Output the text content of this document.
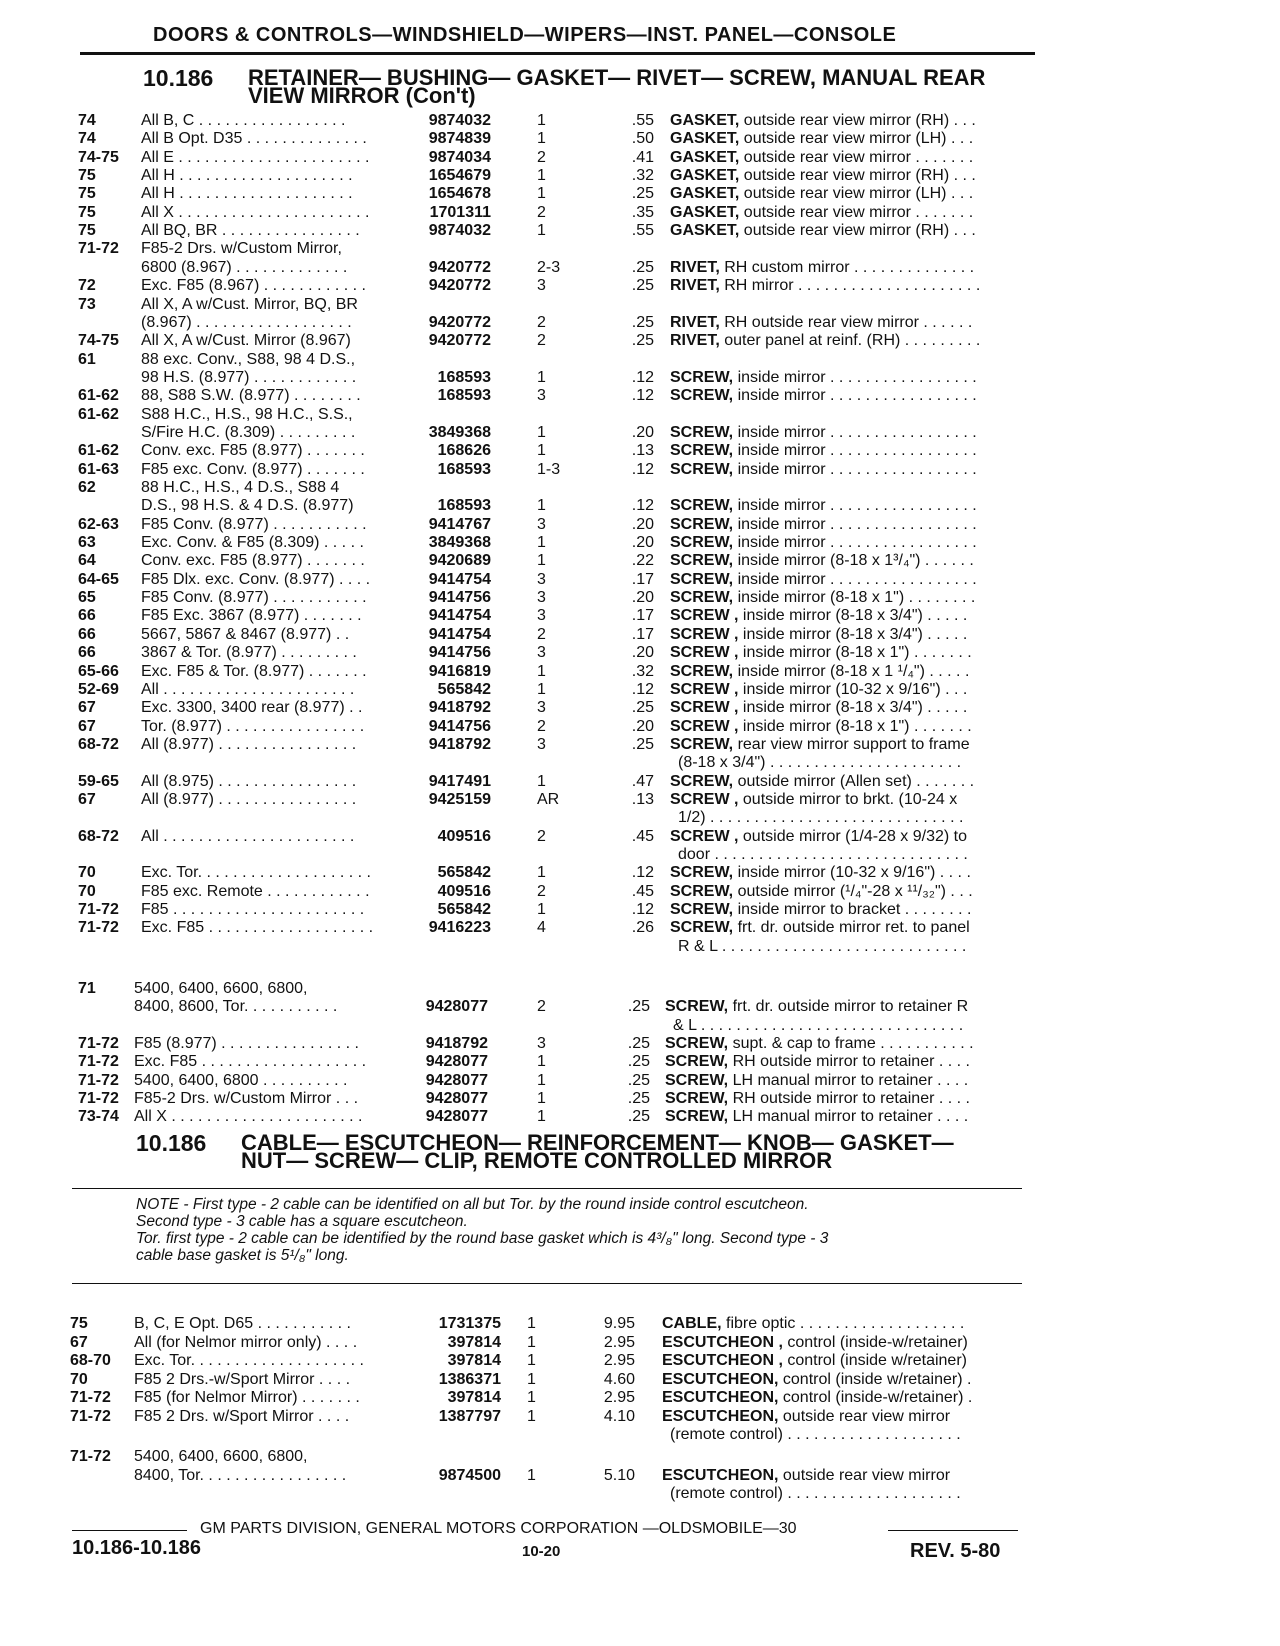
DOORS & CONTROLS—WINDSHIELD—WIPERS—INST. PANEL—CONSOLE
10.186 RETAINER— BUSHING— GASKET— RIVET— SCREW, MANUAL REAR
VIEW MIRROR (Con't)
74	All B, C . . . . . . . . . . . . . . . . .	9874032	1	.55 GASKET, outside rear view mirror (RH) . . .
74	All B Opt. D35 . . . . . . . . . . . . . .	9874839	1	.50 GASKET, outside rear view mirror (LH) . . .
74-75	All E . . . . . . . . . . . . . . . . . . . . . .	9874034	2	.41 GASKET, outside rear view mirror . . . . . . .
75	All H . . . . . . . . . . . . . . . . . . . .	1654679	1	.32 GASKET, outside rear view mirror (RH) . . .
75	All H . . . . . . . . . . . . . . . . . . . .	1654678	1	.25 GASKET, outside rear view mirror (LH) . . .
75	All X . . . . . . . . . . . . . . . . . . . . . .	1701311	2	.35 GASKET, outside rear view mirror . . . . . . .
75	All BQ, BR . . . . . . . . . . . . . . . .	9874032	1	.55 GASKET, outside rear view mirror (RH) . . .
71-72	F85-2 Drs. w/Custom Mirror,
6800 (8.967) . . . . . . . . . . . . .	9420772	2-3	.25 RIVET, RH custom mirror . . . . . . . . . . . . . .
72	Exc. F85 (8.967) . . . . . . . . . . . .	9420772	3	.25 RIVET, RH mirror . . . . . . . . . . . . . . . . . . . . .
73	All X, A w/Cust. Mirror, BQ, BR
(8.967) . . . . . . . . . . . . . . . . . .	9420772	2	.25 RIVET, RH outside rear view mirror . . . . . .
74-75	All X, A w/Cust. Mirror (8.967)	9420772	2	.25 RIVET, outer panel at reinf. (RH) . . . . . . . . .
61	88 exc. Conv., S88, 98 4 D.S.,
98 H.S. (8.977) . . . . . . . . . . . .	168593	1	.12 SCREW, inside mirror . . . . . . . . . . . . . . . . .
61-62	88, S88 S.W. (8.977) . . . . . . . .	168593	3	.12 SCREW, inside mirror . . . . . . . . . . . . . . . . .
61-62	S88 H.C., H.S., 98 H.C., S.S.,
S/Fire H.C. (8.309) . . . . . . . . .	3849368	1	.20 SCREW, inside mirror . . . . . . . . . . . . . . . . .
61-62	Conv. exc. F85 (8.977) . . . . . . .	168626	1	.13 SCREW, inside mirror . . . . . . . . . . . . . . . . .
61-63	F85 exc. Conv. (8.977) . . . . . . .	168593	1-3	.12 SCREW, inside mirror . . . . . . . . . . . . . . . . .
62	88 H.C., H.S., 4 D.S., S88 4
D.S., 98 H.S. & 4 D.S. (8.977)	168593	1	.12 SCREW, inside mirror . . . . . . . . . . . . . . . . .
62-63	F85 Conv. (8.977) . . . . . . . . . . .	9414767	3	.20 SCREW, inside mirror . . . . . . . . . . . . . . . . .
63	Exc. Conv. & F85 (8.309) . . . . .	3849368	1	.20 SCREW, inside mirror . . . . . . . . . . . . . . . . .
64	Conv. exc. F85 (8.977) . . . . . . .	9420689	1	.22 SCREW, inside mirror (8-18 x 1³/₄") . . . . . .
64-65	F85 Dlx. exc. Conv. (8.977) . . . .	9414754	3	.17 SCREW, inside mirror . . . . . . . . . . . . . . . . .
65	F85 Conv. (8.977) . . . . . . . . . . .	9414756	3	.20 SCREW, inside mirror (8-18 x 1") . . . . . . . .
66	F85 Exc. 3867 (8.977) . . . . . . .	9414754	3	.17 SCREW , inside mirror (8-18 x 3/4") . . . . .
66	5667, 5867 & 8467 (8.977) . .	9414754	2	.17 SCREW , inside mirror (8-18 x 3/4") . . . . .
66	3867 & Tor. (8.977) . . . . . . . . .	9414756	3	.20 SCREW , inside mirror (8-18 x 1") . . . . . . .
65-66	Exc. F85 & Tor. (8.977) . . . . . . .	9416819	1	.32 SCREW, inside mirror (8-18 x 1 ¹/₄") . . . . .
52-69	All . . . . . . . . . . . . . . . . . . . . . .	565842	1	.12 SCREW , inside mirror (10-32 x 9/16") . . .
67	Exc. 3300, 3400 rear (8.977) . .	9418792	3	.25 SCREW , inside mirror (8-18 x 3/4") . . . . .
67	Tor. (8.977) . . . . . . . . . . . . . . . .	9414756	2	.20 SCREW , inside mirror (8-18 x 1") . . . . . . .
68-72	All (8.977) . . . . . . . . . . . . . . . .	9418792	3	.25 SCREW, rear view mirror support to frame
(8-18 x 3/4") . . . . . . . . . . . . . . . . . . . . . .
59-65	All (8.975) . . . . . . . . . . . . . . . .	9417491	1	.47 SCREW, outside mirror (Allen set) . . . . . . .
67	All (8.977) . . . . . . . . . . . . . . . .	9425159	AR	.13 SCREW , outside mirror to brkt. (10-24 x
1/2) . . . . . . . . . . . . . . . . . . . . . . . . . . . . .
68-72	All . . . . . . . . . . . . . . . . . . . . . .	409516	2	.45 SCREW , outside mirror (1/4-28 x 9/32) to
door . . . . . . . . . . . . . . . . . . . . . . . . . . . . .
70	Exc. Tor. . . . . . . . . . . . . . . . . . . .	565842	1	.12 SCREW, inside mirror (10-32 x 9/16") . . . .
70	F85 exc. Remote . . . . . . . . . . . .	409516	2	.45 SCREW, outside mirror (¹/₄"-28 x ¹¹/₃₂") . . .
71-72	F85 . . . . . . . . . . . . . . . . . . . . . .	565842	1	.12 SCREW, inside mirror to bracket . . . . . . . .
71-72	Exc. F85 . . . . . . . . . . . . . . . . . . .	9416223	4	.26 SCREW, frt. dr. outside mirror ret. to panel
R & L . . . . . . . . . . . . . . . . . . . . . . . . . . . .
71	5400, 6400, 6600, 6800,
8400, 8600, Tor. . . . . . . . . . .	9428077	2	.25 SCREW, frt. dr. outside mirror to retainer R
& L . . . . . . . . . . . . . . . . . . . . . . . . . . . . . .
71-72 F85 (8.977) . . . . . . . . . . . . . . . .	9418792	3	.25 SCREW, supt. & cap to frame . . . . . . . . . . .
71-72 Exc. F85 . . . . . . . . . . . . . . . . . . .	9428077	1	.25 SCREW, RH outside mirror to retainer . . . .
71-72 5400, 6400, 6800 . . . . . . . . . .	9428077	1	.25 SCREW, LH manual mirror to retainer . . . .
71-72 F85-2 Drs. w/Custom Mirror . . .	9428077	1	.25 SCREW, RH outside mirror to retainer . . . .
73-74 All X . . . . . . . . . . . . . . . . . . . . . .	9428077	1	.25 SCREW, LH manual mirror to retainer . . . .
10.186 CABLE— ESCUTCHEON— REINFORCEMENT— KNOB— GASKET—
NUT— SCREW— CLIP, REMOTE CONTROLLED MIRROR
NOTE - First type - 2 cable can be identified on all but Tor. by the round inside control escutcheon.
Second type - 3 cable has a square escutcheon.
Tor. first type - 2 cable can be identified by the round base gasket which is 4³/₈" long. Second type - 3
cable base gasket is 5¹/₈" long.
75	B, C, E Opt. D65 . . . . . . . . . . .	1731375 1	9.95 CABLE, fibre optic . . . . . . . . . . . . . . . . . . .
67	All (for Nelmor mirror only) . . . .	397814 1	2.95 ESCUTCHEON , control (inside-w/retainer)
68-70	Exc. Tor. . . . . . . . . . . . . . . . . . . .	397814 1	2.95 ESCUTCHEON , control (inside w/retainer)
70	F85 2 Drs.-w/Sport Mirror . . . .	1386371 1	4.60 ESCUTCHEON, control (inside w/retainer) .
71-72	F85 (for Nelmor Mirror) . . . . . . .	397814 1	2.95 ESCUTCHEON, control (inside-w/retainer) .
71-72	F85 2 Drs. w/Sport Mirror . . . .	1387797 1	4.10 ESCUTCHEON, outside rear view mirror
(remote control) . . . . . . . . . . . . . . . . . . . .
71-72	5400, 6400, 6600, 6800,
8400, Tor. . . . . . . . . . . . . . . . .	9874500 1	5.10 ESCUTCHEON, outside rear view mirror
(remote control) . . . . . . . . . . . . . . . . . . . .
GM PARTS DIVISION, GENERAL MOTORS CORPORATION —OLDSMOBILE—30
10.186-10.186	10-20	REV. 5-80
